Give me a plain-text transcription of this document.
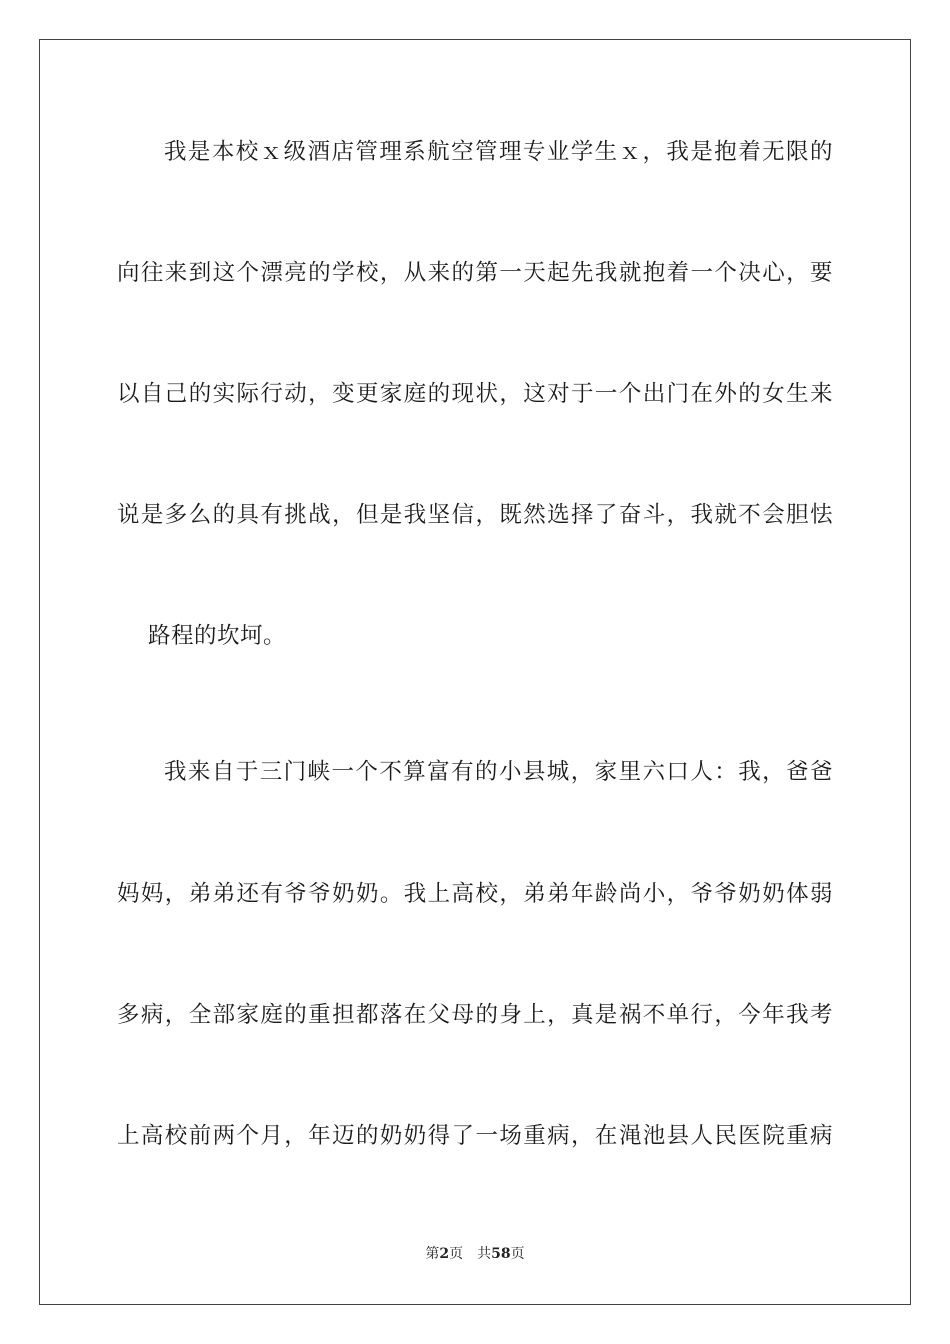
我是本校ｘ级酒店管理系航空管理专业学生ｘ，我是抱着无限的
向往来到这个漂亮的学校，从来的第一天起先我就抱着一个决心，要
以自己的实际行动，变更家庭的现状，这对于一个出门在外的女生来
说是多么的具有挑战，但是我坚信，既然选择了奋斗，我就不会胆怯
路程的坎坷。
我来自于三门峡一个不算富有的小县城，家里六口人：我，爸爸
妈妈，弟弟还有爷爷奶奶。我上高校，弟弟年龄尚小，爷爷奶奶体弱
多病，全部家庭的重担都落在父母的身上，真是祸不单行，今年我考
上高校前两个月，年迈的奶奶得了一场重病，在渑池县人民医院重病
第2页 共58页
